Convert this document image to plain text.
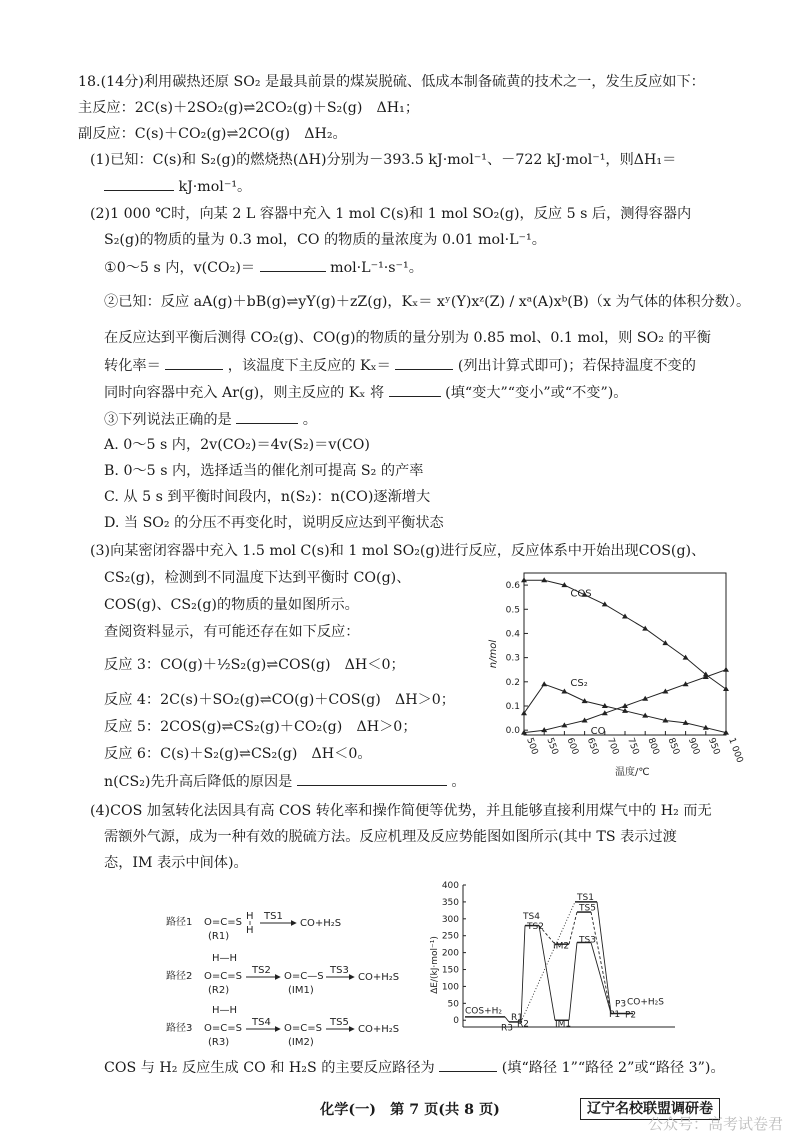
18.(14分)利用碳热还原 SO₂ 是最具前景的煤炭脱硫、低成本制备硫黄的技术之一，发生反应如下：
主反应：2C(s)＋2SO₂(g)⇌2CO₂(g)＋S₂(g)　ΔH₁；
副反应：C(s)＋CO₂(g)⇌2CO(g)　ΔH₂。
(1)已知：C(s)和 S₂(g)的燃烧热(ΔH)分别为－393.5 kJ·mol⁻¹、－722 kJ·mol⁻¹，则ΔH₁＝
kJ·mol⁻¹。
(2)1 000 ℃时，向某 2 L 容器中充入 1 mol C(s)和 1 mol SO₂(g)，反应 5 s 后，测得容器内
S₂(g)的物质的量为 0.3 mol，CO 的物质的量浓度为 0.01 mol·L⁻¹。
①0～5 s 内，v(CO₂)＝	mol·L⁻¹·s⁻¹。
②已知：反应 aA(g)＋bB(g)⇌yY(g)＋zZ(g)，Kₓ＝ xʸ(Y)xᶻ(Z) / xᵃ(A)xᵇ(B)（x 为气体的体积分数）。
在反应达到平衡后测得 CO₂(g)、CO(g)的物质的量分别为 0.85 mol、0.1 mol，则 SO₂ 的平衡
转化率＝	，该温度下主反应的 Kₓ＝	(列出计算式即可)；若保持温度不变的
同时向容器中充入 Ar(g)，则主反应的 Kₓ 将	(填“变大”“变小”或“不变”)。
③下列说法正确的是	。
A. 0～5 s 内，2v(CO₂)＝4v(S₂)＝v(CO)
B. 0～5 s 内，选择适当的催化剂可提高 S₂ 的产率
C. 从 5 s 到平衡时间段内，n(S₂)：n(CO)逐渐增大
D. 当 SO₂ 的分压不再变化时，说明反应达到平衡状态
(3)向某密闭容器中充入 1.5 mol C(s)和 1 mol SO₂(g)进行反应，反应体系中开始出现COS(g)、
CS₂(g)，检测到不同温度下达到平衡时 CO(g)、
COS(g)、CS₂(g)的物质的量如图所示。
查阅资料显示，有可能还存在如下反应：
反应 3：CO(g)＋½S₂(g)⇌COS(g)　ΔH＜0；
反应 4：2C(s)＋SO₂(g)⇌CO(g)＋COS(g)　ΔH＞0；
反应 5：2COS(g)⇌CS₂(g)＋CO₂(g)　ΔH＞0；
反应 6：C(s)＋S₂(g)⇌CS₂(g)　ΔH＜0。
n(CS₂)先升高后降低的原因是	。
(4)COS 加氢转化法因具有高 COS 转化率和操作简便等优势，并且能够直接利用煤气中的 H₂ 而无
需额外气源，成为一种有效的脱硫方法。反应机理及反应势能图如图所示(其中 TS 表示过渡
态，IM 表示中间体)。
COS 与 H₂ 反应生成 CO 和 H₂S 的主要反应路径为	(填“路径 1”“路径 2”或“路径 3”)。
0.0
0.1
0.2
0.3
0.4
0.5
0.6
500 550 600 650 700 750 800 850 900 950 1 000
温度/℃
n/mol
COS
CS₂
CO
路径1 O=C=S
H
H
(R1)
TS1
CO+H₂S
路径2
H—H
O=C=S
(R2)
TS2
O=C—S
(IM1)
TS3
CO+H₂S
路径3
H—H
O=C=S
(R3)
TS4
O=C=S
(IM2)
TS5
CO+H₂S
400
350
300
250
200
150
100
50
0
ΔE/(kJ·mol⁻¹)
TS1
TS4
TS2
TS5
IM2
TS3
COS+H₂
R1
R3 R2	IM1
P3 CO+H₂S
P1 P2
化学(一)　第 7 页(共 8 页)	辽宁名校联盟调研卷
公众号：高考试卷君
